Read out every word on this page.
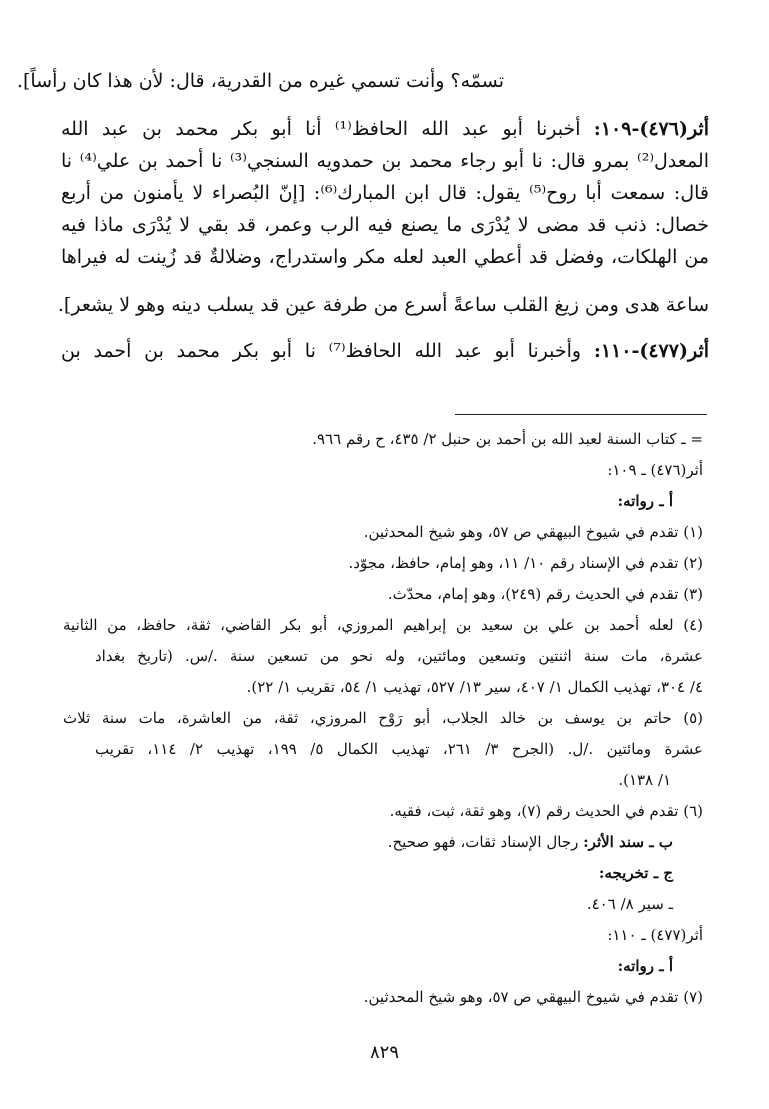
تسمّه؟ وأنت تسمي غيره من القدرية، قال: لأن هذا كان رأساً].
أثر(٤٧٦)-١٠٩: أخبرنا أبو عبد الله الحافظ⁽¹⁾ أنا أبو بكر محمد بن عبد الله
المعدل⁽²⁾ بمرو قال: نا أبو رجاء محمد بن حمدويه السنجي⁽³⁾ نا أحمد بن علي⁽⁴⁾ نا
قال: سمعت أبا روح⁽⁵⁾ يقول: قال ابن المبارك⁽⁶⁾: [إنّ البُصراء لا يأمنون من أربع
خصال: ذنب قد مضى لا يُدْرَى ما يصنع فيه الرب وعمر، قد بقي لا يُدْرَى ماذا فيه
من الهلكات، وفضل قد أعطي العبد لعله مكر واستدراج، وضلالةٌ قد زُينت له فيراها
ساعة هدى ومن زيغ القلب ساعةً أسرع من طرفة عين قد يسلب دينه وهو لا يشعر].
أثر(٤٧٧)-١١٠: وأخبرنا أبو عبد الله الحافظ⁽⁷⁾ نا أبو بكر محمد بن أحمد بن
= ـ كتاب السنة لعبد الله بن أحمد بن حنبل ٢/ ٤٣٥، ح رقم ٩٦٦.
أثر(٤٧٦) ـ ١٠٩:
أ ـ رواته:
(١) تقدم في شيوخ البيهقي ص ٥٧، وهو شيخ المحدثين.
(٢) تقدم في الإسناد رقم ١٠/ ١١، وهو إمام، حافظ، مجوّد.
(٣) تقدم في الحديث رقم (٢٤٩)، وهو إمام، محدّث.
(٤) لعله أحمد بن علي بن سعيد بن إبراهيم المروزي، أبو بكر القاضي، ثقة، حافظ، من الثانية
عشرة، مات سنة اثنتين وتسعين ومائتين، وله نحو من تسعين سنة ./س. (تاريخ بغداد
٤/ ٣٠٤، تهذيب الكمال ١/ ٤٠٧، سير ١٣/ ٥٢٧، تهذيب ١/ ٥٤، تقريب ١/ ٢٢).
(٥) حاتم بن يوسف بن خالد الجلاب، أبو رَوْح المروزي، ثقة، من العاشرة، مات سنة ثلاث
عشرة ومائتين ./ل. (الجرح ٣/ ٢٦١، تهذيب الكمال ٥/ ١٩٩، تهذيب ٢/ ١١٤، تقريب
١/ ١٣٨).
(٦) تقدم في الحديث رقم (٧)، وهو ثقة، ثبت، فقيه.
ب ـ سند الأثر: رجال الإسناد ثقات، فهو صحيح.
ج ـ تخريجه:
ـ سير ٨/ ٤٠٦.
أثر(٤٧٧) ـ ١١٠:
أ ـ رواته:
(٧) تقدم في شيوخ البيهقي ص ٥٧، وهو شيخ المحدثين.
٨٢٩
